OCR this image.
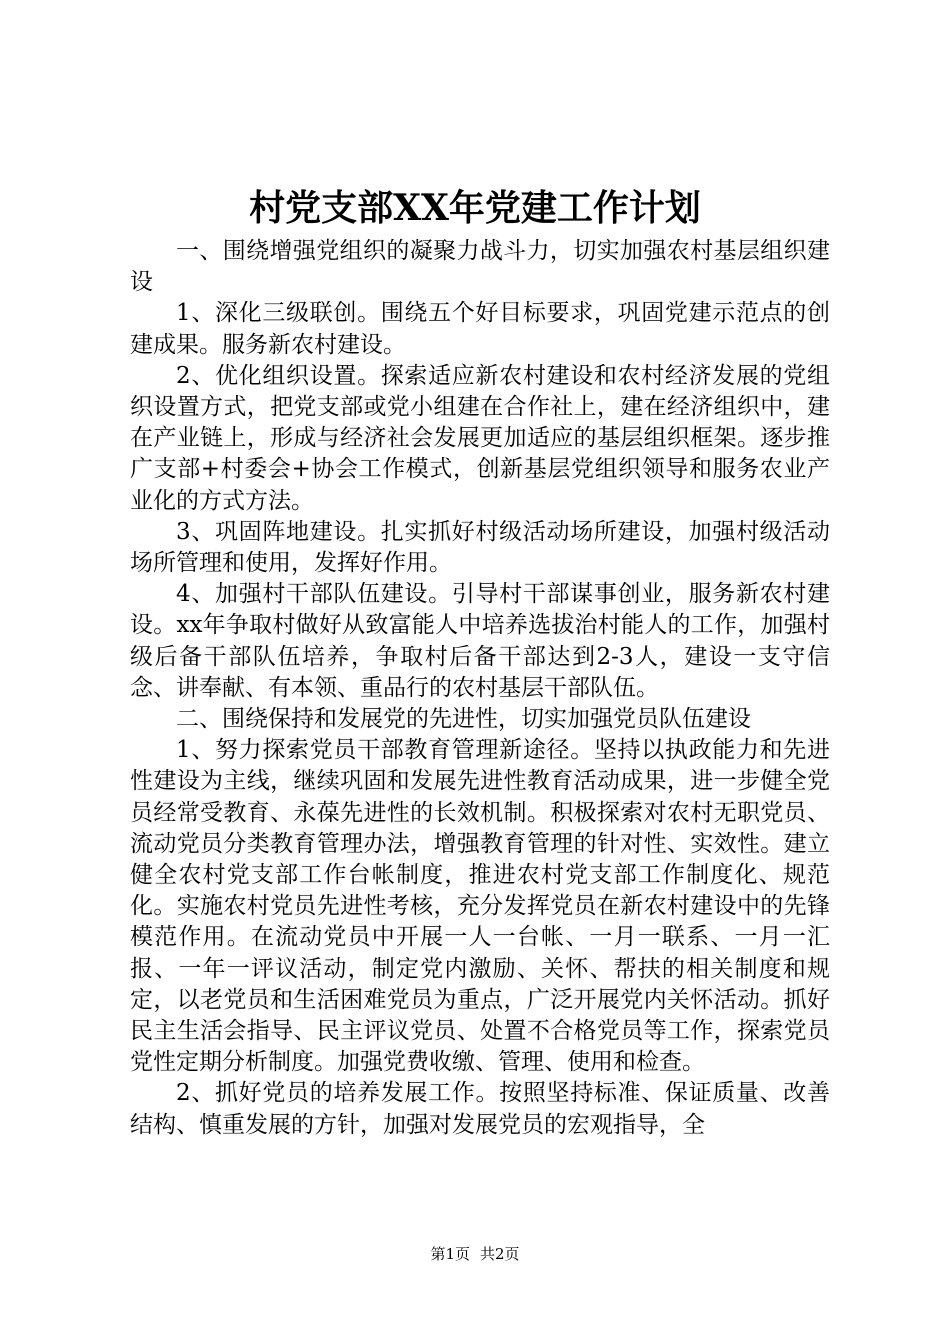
村党支部XX年党建工作计划

一、围绕增强党组织的凝聚力战斗力，切实加强农村基层组织建设

1、深化三级联创。围绕五个好目标要求，巩固党建示范点的创建成果。服务新农村建设。

2、优化组织设置。探索适应新农村建设和农村经济发展的党组织设置方式，把党支部或党小组建在合作社上，建在经济组织中，建在产业链上，形成与经济社会发展更加适应的基层组织框架。逐步推广支部+村委会+协会工作模式，创新基层党组织领导和服务农业产业化的方式方法。

3、巩固阵地建设。扎实抓好村级活动场所建设，加强村级活动场所管理和使用，发挥好作用。

4、加强村干部队伍建设。引导村干部谋事创业，服务新农村建设。xx年争取村做好从致富能人中培养选拔治村能人的工作，加强村级后备干部队伍培养，争取村后备干部达到2-3人，建设一支守信念、讲奉献、有本领、重品行的农村基层干部队伍。

二、围绕保持和发展党的先进性，切实加强党员队伍建设

1、努力探索党员干部教育管理新途径。坚持以执政能力和先进性建设为主线，继续巩固和发展先进性教育活动成果，进一步健全党员经常受教育、永葆先进性的长效机制。积极探索对农村无职党员、流动党员分类教育管理办法，增强教育管理的针对性、实效性。建立健全农村党支部工作台帐制度，推进农村党支部工作制度化、规范化。实施农村党员先进性考核，充分发挥党员在新农村建设中的先锋模范作用。在流动党员中开展一人一台帐、一月一联系、一月一汇报、一年一评议活动，制定党内激励、关怀、帮扶的相关制度和规定，以老党员和生活困难党员为重点，广泛开展党内关怀活动。抓好民主生活会指导、民主评议党员、处置不合格党员等工作，探索党员党性定期分析制度。加强党费收缴、管理、使用和检查。

2、抓好党员的培养发展工作。按照坚持标准、保证质量、改善结构、慎重发展的方针，加强对发展党员的宏观指导，全

第1页 共2页
